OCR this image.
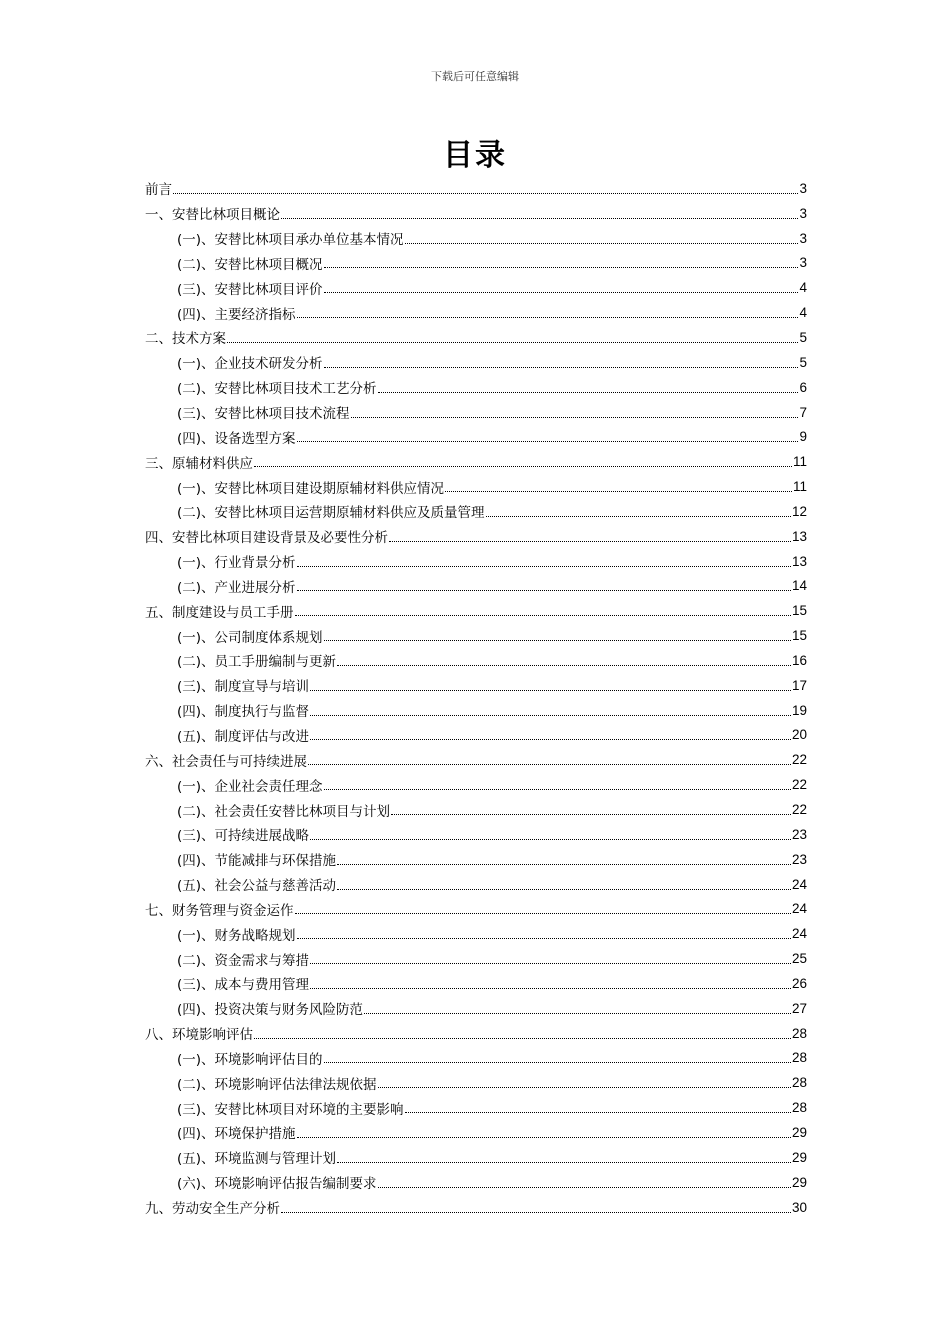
下载后可任意编辑
目录
前言	3
一、安替比林项目概论	3
(一)、安替比林项目承办单位基本情况	3
(二)、安替比林项目概况	3
(三)、安替比林项目评价	4
(四)、主要经济指标	4
二、技术方案	5
(一)、企业技术研发分析	5
(二)、安替比林项目技术工艺分析	6
(三)、安替比林项目技术流程	7
(四)、设备选型方案	9
三、原辅材料供应	11
(一)、安替比林项目建设期原辅材料供应情况	11
(二)、安替比林项目运营期原辅材料供应及质量管理	12
四、安替比林项目建设背景及必要性分析	13
(一)、行业背景分析	13
(二)、产业进展分析	14
五、制度建设与员工手册	15
(一)、公司制度体系规划	15
(二)、员工手册编制与更新	16
(三)、制度宣导与培训	17
(四)、制度执行与监督	19
(五)、制度评估与改进	20
六、社会责任与可持续进展	22
(一)、企业社会责任理念	22
(二)、社会责任安替比林项目与计划	22
(三)、可持续进展战略	23
(四)、节能减排与环保措施	23
(五)、社会公益与慈善活动	24
七、财务管理与资金运作	24
(一)、财务战略规划	24
(二)、资金需求与筹措	25
(三)、成本与费用管理	26
(四)、投资决策与财务风险防范	27
八、环境影响评估	28
(一)、环境影响评估目的	28
(二)、环境影响评估法律法规依据	28
(三)、安替比林项目对环境的主要影响	28
(四)、环境保护措施	29
(五)、环境监测与管理计划	29
(六)、环境影响评估报告编制要求	29
九、劳动安全生产分析	30
